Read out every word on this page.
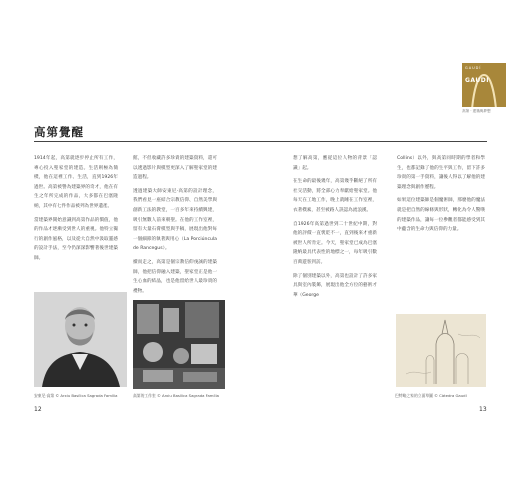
GAUDÍ
GAUDI
高第 · 建築與夢想
高第覺醒

1914年起，高第就逐步停止所有工作，專心投入聖家堂的建造。生活則極為簡樸，他在這裡工作、生活，直到1926年過世。高第被譽為建築界的奇才，他在有生之年所完成的作品，大多都在巴塞隆納，其中有七件作品被列為世界遺產。

當建築界開始意識到高第作品的價值，他的作品才逐漸受到世人的重視。他特立獨行的創作風格，以及從大自然中汲取靈感的設計手法，至今仍深深影響著後世建築師。

館，不但收藏許多珍貴的建築資料，還可以透過影片與模型更深入了解聖家堂的建造過程。

透過建築大師安東尼·高第的設計理念，我們看見一座結合宗教信仰、自然美學與創新工法的教堂，一百多年來持續興建，吸引無數人前來朝聖。在他的工作室裡，留有大量石膏模型與手稿，展現出他對每一個細節的執著與用心（La Porciúncula de Rancegus）。

續而走之，高第是個宗教信仰虔誠的建築師，他把信仰融入建築，聖家堂正是他一生心血的結晶，也是他留給世人最珍貴的禮物。

想了解高第，應從這位人物的背景「認識」起。

在生命的最後幾年，高第幾乎斷絕了所有社交活動，將全部心力奉獻給聖家堂。他每天在工地工作，晚上就睡在工作室裡，衣著樸素，甚至被路人誤認為流浪漢。

自1926年高第過世到二十世紀中期，對他的評價一直褒貶不一，直到後來才重新被世人所肯定。今天，聖家堂已成為巴塞隆納最具代表性的地標之一，每年吸引數百萬遊客到訪。

除了個別建築以外，高第也設計了許多家具與室內裝飾，展現出他全方位的藝術才華（George

Collins）以外，與高第同時期的學者和學生，也都記錄了他的生平與工作，留下許多珍貴的第一手資料，讓後人得以了解他的建築理念與創作歷程。

如果這位建築師是個魔術師，那麼他的魔法就是把自然的線條與形狀，轉化為令人驚嘆的建築作品，讓每一位參觀者都能感受到其中蘊含的生命力與信仰的力量。

安東尼·高第 © Arxiu Basílica Sagrada Família	高第的工作室 © Arxiu Basílica Sagrada Família	巴特略之家的立面草圖 © Càtedra Gaudí
12	13
